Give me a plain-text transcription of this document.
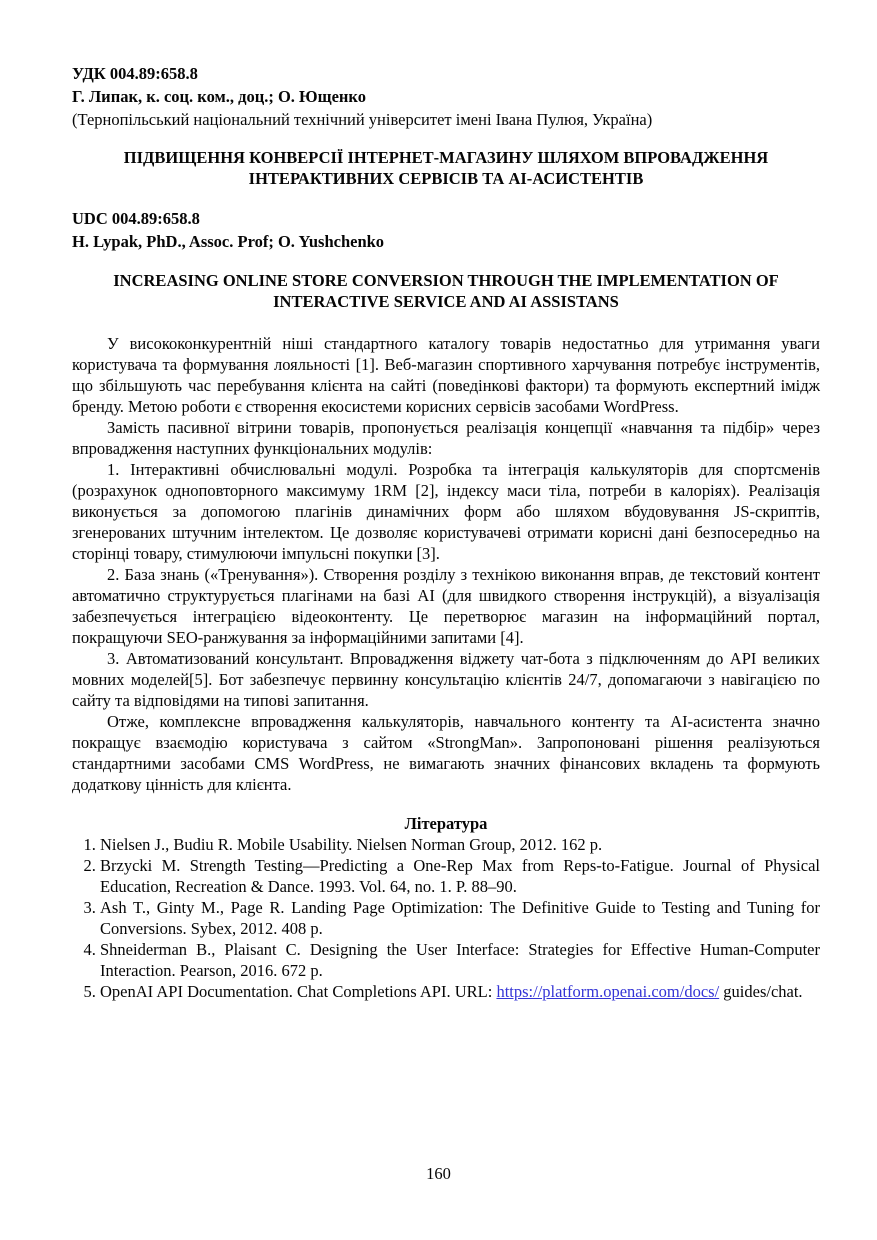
УДК 004.89:658.8

Г. Липак, к. соц. ком., доц.; О. Ющенко

(Тернопільський національний технічний університет імені Івана Пулюя, Україна)

ПІДВИЩЕННЯ КОНВЕРСІЇ ІНТЕРНЕТ-МАГАЗИНУ ШЛЯХОМ ВПРОВАДЖЕННЯ ІНТЕРАКТИВНИХ СЕРВІСІВ ТА АІ-АСИСТЕНТІВ

UDC 004.89:658.8

H. Lypak, PhD., Assoc. Prof; O. Yushchenko

INCREASING ONLINE STORE CONVERSION THROUGH THE IMPLEMENTATION OF INTERACTIVE SERVICE AND AI ASSISTANS

У висококонкурентній ніші стандартного каталогу товарів недостатньо для утримання уваги користувача та формування лояльності [1]. Веб-магазин спортивного харчування потребує інструментів, що збільшують час перебування клієнта на сайті (поведінкові фактори) та формують експертний імідж бренду. Метою роботи є створення екосистеми корисних сервісів засобами WordPress.

Замість пасивної вітрини товарів, пропонується реалізація концепції «навчання та підбір» через впровадження наступних функціональних модулів:

1. Інтерактивні обчислювальні модулі. Розробка та інтеграція калькуляторів для спортсменів (розрахунок одноповторного максимуму 1RM [2], індексу маси тіла, потреби в калоріях). Реалізація виконується за допомогою плагінів динамічних форм або шляхом вбудовування JS-скриптів, згенерованих штучним інтелектом. Це дозволяє користувачеві отримати корисні дані безпосередньо на сторінці товару, стимулюючи імпульсні покупки [3].

2. База знань («Тренування»). Створення розділу з технікою виконання вправ, де текстовий контент автоматично структурується плагінами на базі АІ (для швидкого створення інструкцій), а візуалізація забезпечується інтеграцією відеоконтенту. Це перетворює магазин на інформаційний портал, покращуючи SEO-ранжування за інформаційними запитами [4].

3. Автоматизований консультант. Впровадження віджету чат-бота з підключенням до API великих мовних моделей[5]. Бот забезпечує первинну консультацію клієнтів 24/7, допомагаючи з навігацією по сайту та відповідями на типові запитання.

Отже, комплексне впровадження калькуляторів, навчального контенту та АІ-асистента значно покращує взаємодію користувача з сайтом «StrongMan». Запропоновані рішення реалізуються стандартними засобами CMS WordPress, не вимагають значних фінансових вкладень та формують додаткову цінність для клієнта.

Література
1. Nielsen J., Budiu R. Mobile Usability. Nielsen Norman Group, 2012. 162 p.
2. Brzycki M. Strength Testing—Predicting a One-Rep Max from Reps-to-Fatigue. Journal of Physical Education, Recreation & Dance. 1993. Vol. 64, no. 1. P. 88–90.
3. Ash T., Ginty M., Page R. Landing Page Optimization: The Definitive Guide to Testing and Tuning for Conversions. Sybex, 2012. 408 p.
4. Shneiderman B., Plaisant C. Designing the User Interface: Strategies for Effective Human-Computer Interaction. Pearson, 2016. 672 p.
5. OpenAI API Documentation. Chat Completions API. URL: https://platform.openai.com/docs/ guides/chat.
160
